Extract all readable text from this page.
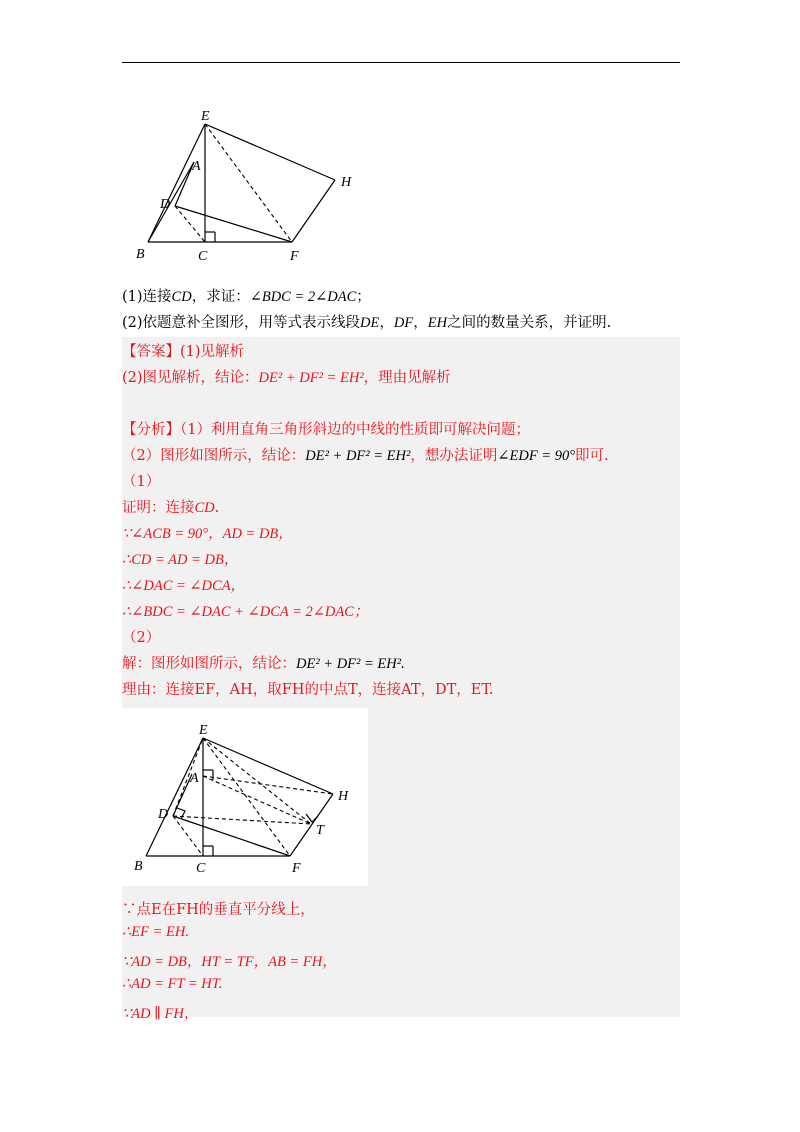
E
A
D
B	C	F
H
(1)连接CD，求证：∠BDC = 2∠DAC；
(2)依题意补全图形，用等式表示线段DE，DF，EH之间的数量关系，并证明.
【答案】(1)见解析
(2)图见解析，结论：DE² + DF² = EH²，理由见解析
【分析】（1）利用直角三角形斜边的中线的性质即可解决问题；
（2）图形如图所示，结论：DE² + DF² = EH²，想办法证明∠EDF = 90°即可.
（1）
证明：连接CD.
∵∠ACB = 90°，AD = DB，
∴CD = AD = DB，
∴∠DAC = ∠DCA，
∴∠BDC = ∠DAC + ∠DCA = 2∠DAC；
（2）
解：图形如图所示，结论：DE² + DF² = EH².
理由：连接EF，AH，取FH的中点T，连接AT，DT，ET.
E
A
D
B	C	F
H
T
∵点E在FH的垂直平分线上，
∴EF = EH.
∵AD = DB，HT = TF，AB = FH，
∴AD = FT = HT.
∵AD ∥ FH，
